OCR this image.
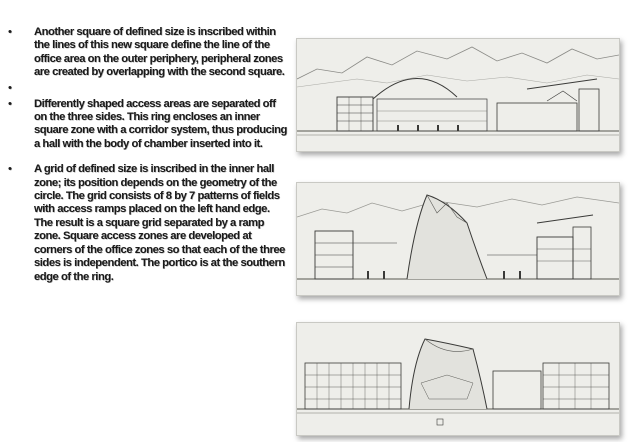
• Another square of defined size is inscribed within the lines of this new square define the line of the office area on the outer periphery, peripheral zones are created by overlapping with the second square.
•
• Differently shaped access areas are separated off on the three sides. This ring encloses an inner square zone with a corridor system, thus producing a hall with the body of chamber inserted into it.
• A grid of defined size is inscribed in the inner hall zone; its position depends on the geometry of the circle. The grid consists of 8 by 7 patterns of fields with access ramps placed on the left hand edge. The result is a square grid separated by a ramp zone. Square access zones are developed at corners of the office zones so that each of the three sides is independent. The portico is at the southern edge of the ring.
